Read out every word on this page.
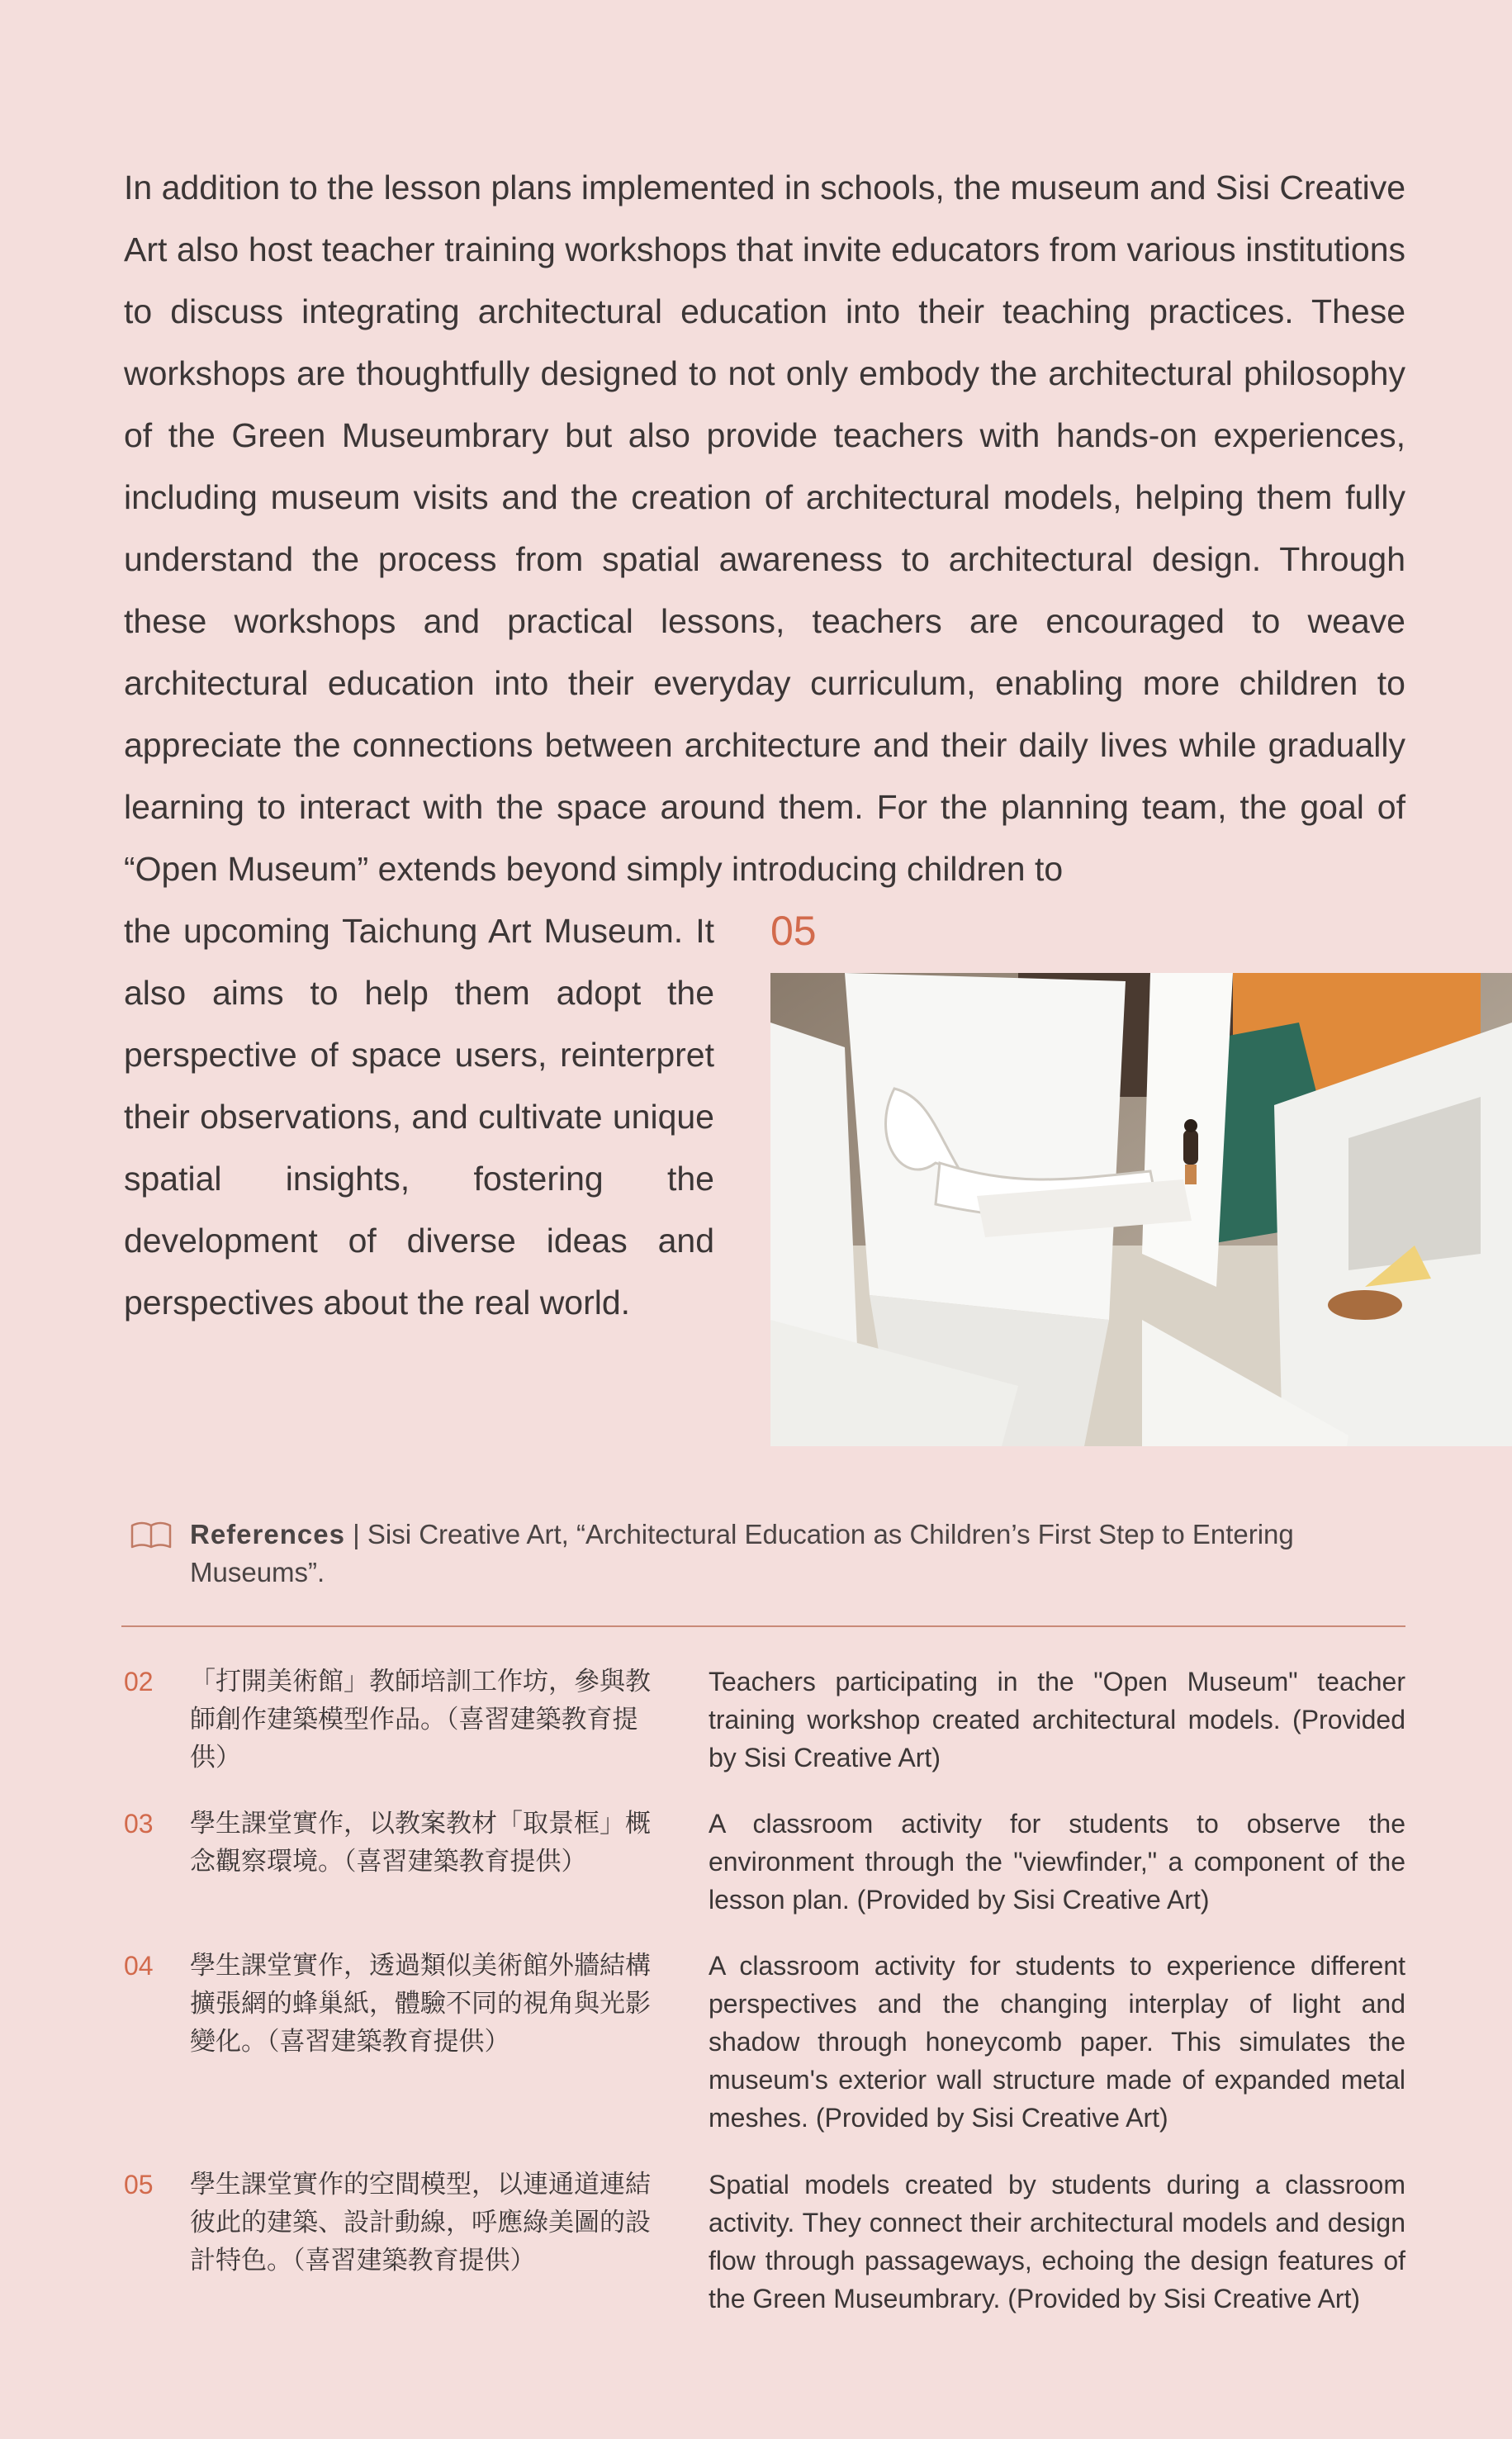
In addition to the lesson plans implemented in schools, the museum and Sisi Creative Art also host teacher training workshops that invite educators from various institutions to discuss integrating architectural education into their teaching practices. These workshops are thoughtfully designed to not only embody the architectural philosophy of the Green Museumbrary but also provide teachers with hands-on experiences, including museum visits and the creation of architectural models, helping them fully understand the process from spatial awareness to architectural design. Through these workshops and practical lessons, teachers are encouraged to weave architectural education into their everyday curriculum, enabling more children to appreciate the connections between architecture and their daily lives while gradually learning to interact with the space around them. For the planning team, the goal of “Open Museum” extends beyond simply introducing children to

the upcoming Taichung Art Museum. It also aims to help them adopt the perspective of space users, reinterpret their observations, and cultivate unique spatial insights, fostering the development of diverse ideas and perspectives about the real world.
05
References | Sisi Creative Art, “Architectural Education as Children’s First Step to Entering Museums”.
02 「打開美術館」教師培訓工作坊，參與教師創作建築模型作品。（喜習建築教育提供）
Teachers participating in the "Open Museum" teacher training workshop created architectural models. (Provided by Sisi Creative Art)
03 學生課堂實作，以教案教材「取景框」概念觀察環境。（喜習建築教育提供）
A classroom activity for students to observe the environment through the "viewfinder," a component of the lesson plan. (Provided by Sisi Creative Art)
04 學生課堂實作，透過類似美術館外牆結構擴張網的蜂巢紙，體驗不同的視角與光影變化。（喜習建築教育提供）
A classroom activity for students to experience different perspectives and the changing interplay of light and shadow through honeycomb paper. This simulates the museum's exterior wall structure made of expanded metal meshes. (Provided by Sisi Creative Art)
05 學生課堂實作的空間模型，以連通道連結彼此的建築、設計動線，呼應綠美圖的設計特色。（喜習建築教育提供）
Spatial models created by students during a classroom activity. They connect their architectural models and design flow through passageways, echoing the design features of the Green Museumbrary. (Provided by Sisi Creative Art)
